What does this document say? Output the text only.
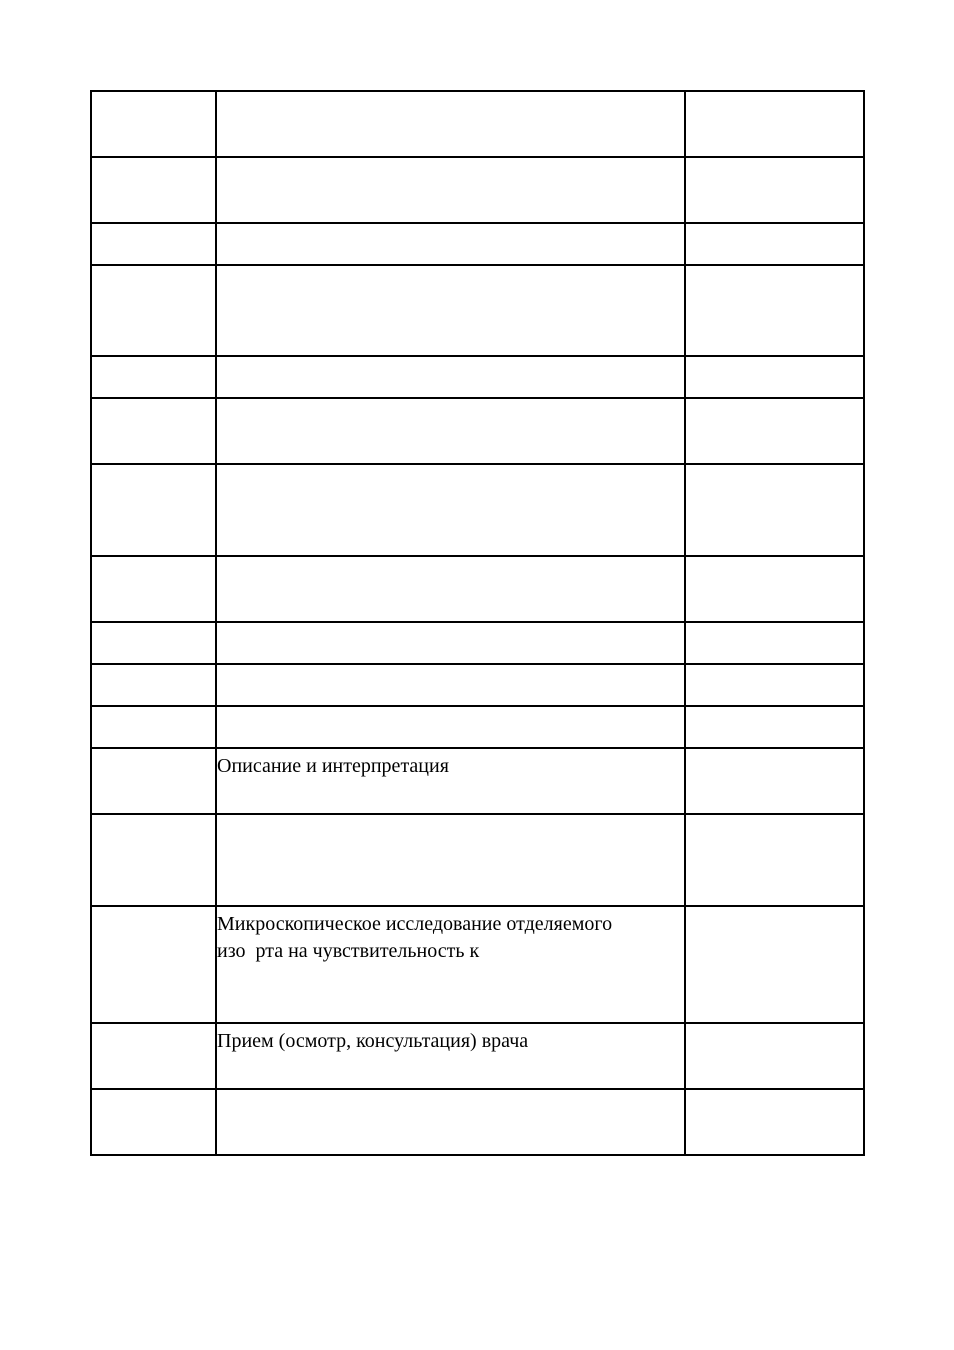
	Описание и интерпретация	

	Микроскопическое исследование отделяемого
изо  рта на чувствительность к	

	Прием (осмотр, консультация) врача	
